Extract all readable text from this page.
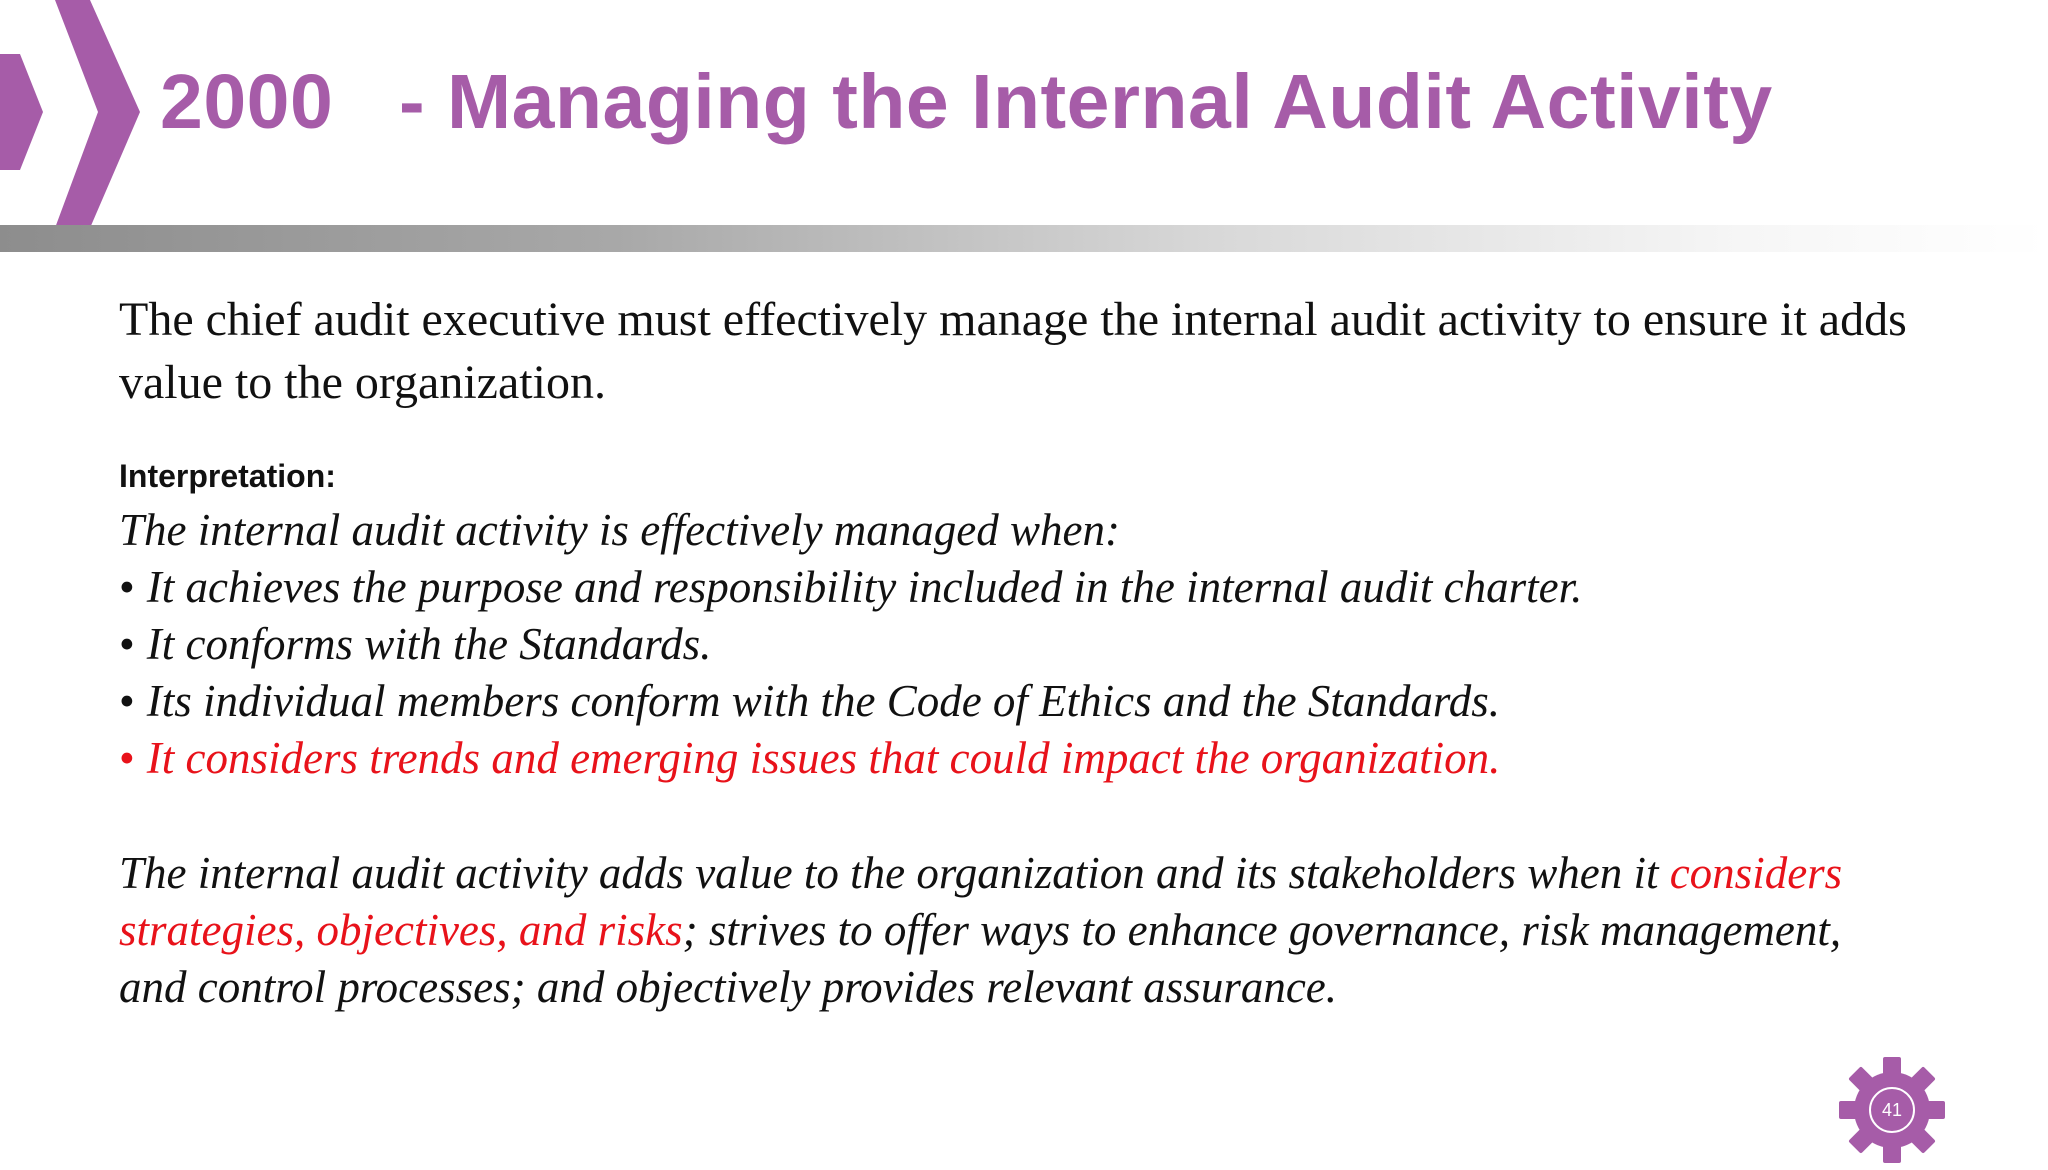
2000   - Managing the Internal Audit Activity
The chief audit executive must effectively manage the internal audit activity to ensure it adds value to the organization.
Interpretation:
The internal audit activity is effectively managed when:
• It achieves the purpose and responsibility included in the internal audit charter.
• It conforms with the Standards.
• Its individual members conform with the Code of Ethics and the Standards.
• It considers trends and emerging issues that could impact the organization.
The internal audit activity adds value to the organization and its stakeholders when it considers strategies, objectives, and risks; strives to offer ways to enhance governance, risk management, and control processes; and objectively provides relevant assurance.
41
